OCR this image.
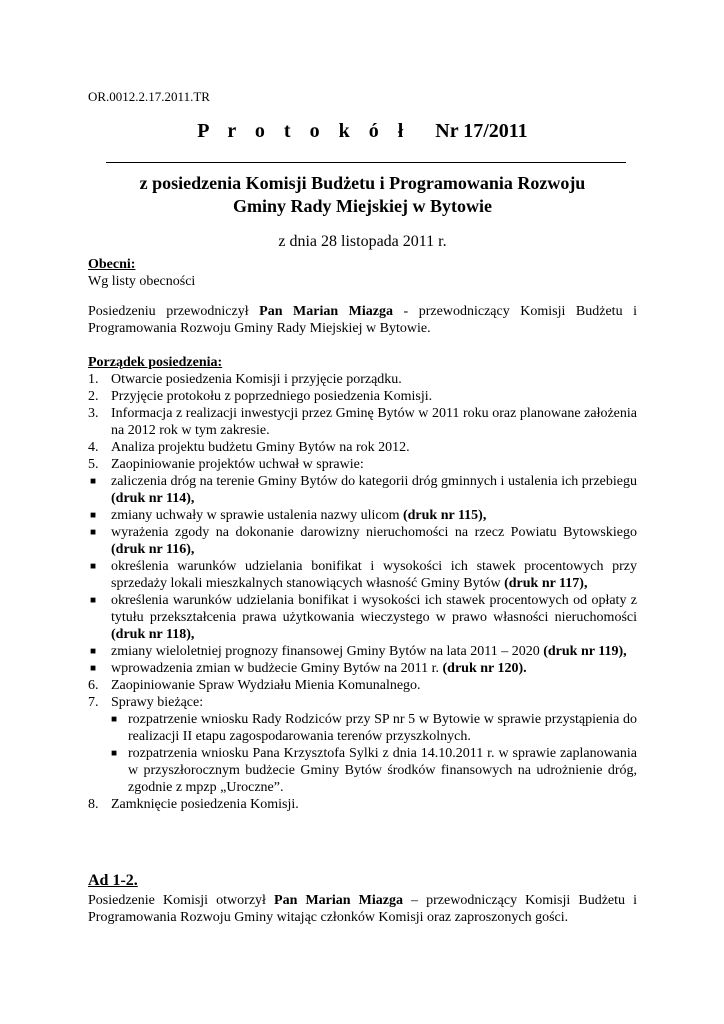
OR.0012.2.17.2011.TR
P r o t o k ó ł Nr 17/2011
z posiedzenia Komisji Budżetu i Programowania Rozwoju
Gminy Rady Miejskiej w Bytowie
z dnia 28 listopada 2011 r.
Obecni:
Wg listy obecności
Posiedzeniu przewodniczył Pan Marian Miazga - przewodniczący Komisji Budżetu i Programowania Rozwoju Gminy Rady Miejskiej w Bytowie.
Porządek posiedzenia:
1. Otwarcie posiedzenia Komisji i przyjęcie porządku.
2. Przyjęcie protokołu z poprzedniego posiedzenia Komisji.
3. Informacja z realizacji inwestycji przez Gminę Bytów w 2011 roku oraz planowane założenia na 2012 rok w tym zakresie.
4. Analiza projektu budżetu Gminy Bytów na rok 2012.
5. Zaopiniowanie projektów uchwał w sprawie:
■	zaliczenia dróg na terenie Gminy Bytów do kategorii dróg gminnych i ustalenia ich przebiegu (druk nr 114),
■	zmiany uchwały w sprawie ustalenia nazwy ulicom (druk nr 115),
■	wyrażenia zgody na dokonanie darowizny nieruchomości na rzecz Powiatu Bytowskiego (druk nr 116),
■	określenia warunków udzielania bonifikat i wysokości ich stawek procentowych przy sprzedaży lokali mieszkalnych stanowiących własność Gminy Bytów (druk nr 117),
■	określenia warunków udzielania bonifikat i wysokości ich stawek procentowych od opłaty z tytułu przekształcenia prawa użytkowania wieczystego w prawo własności nieruchomości (druk nr 118),
■	zmiany wieloletniej prognozy finansowej Gminy Bytów na lata 2011 – 2020 (druk nr 119),
■	wprowadzenia zmian w budżecie Gminy Bytów na 2011 r. (druk nr 120).
6. Zaopiniowanie Spraw Wydziału Mienia Komunalnego.
7. Sprawy bieżące:
■ rozpatrzenie wniosku Rady Rodziców przy SP nr 5 w Bytowie w sprawie przystąpienia do realizacji II etapu zagospodarowania terenów przyszkolnych.
■ rozpatrzenia wniosku Pana Krzysztofa Sylki z dnia 14.10.2011 r. w sprawie zaplanowania w przyszłorocznym budżecie Gminy Bytów środków finansowych na udrożnienie dróg, zgodnie z mpzp „Uroczne”.
8. Zamknięcie posiedzenia Komisji.
Ad 1-2.
Posiedzenie Komisji otworzył Pan Marian Miazga – przewodniczący Komisji Budżetu i Programowania Rozwoju Gminy witając członków Komisji oraz zaproszonych gości.
